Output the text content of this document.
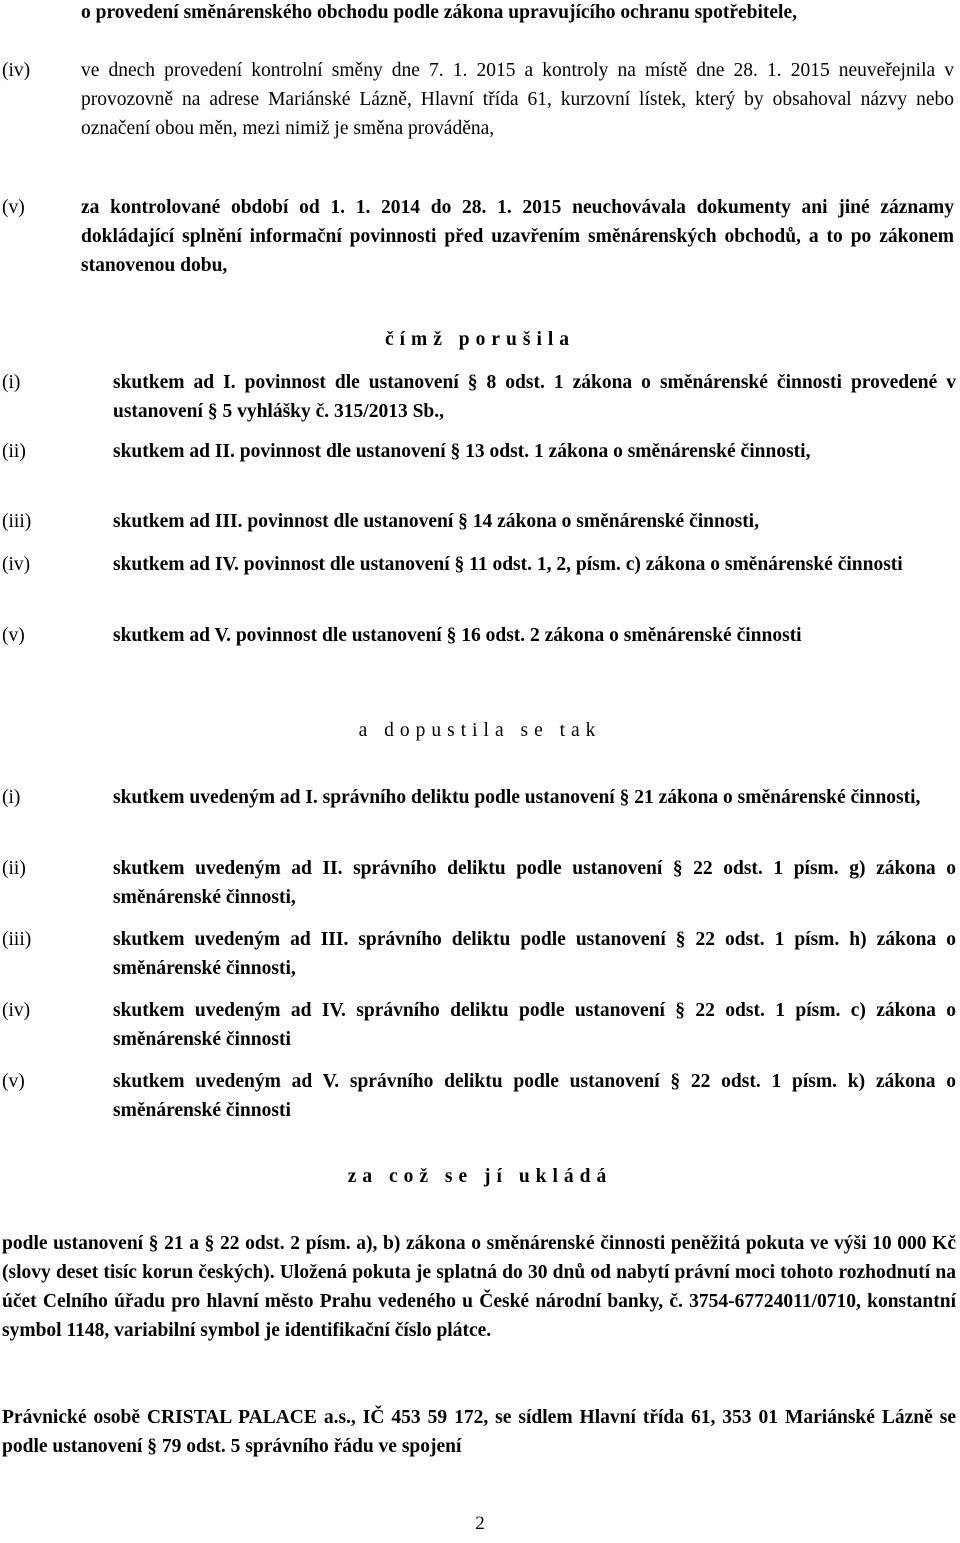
o provedení směnárenského obchodu podle zákona upravujícího ochranu spotřebitele,
(iv)	ve dnech provedení kontrolní směny dne 7. 1. 2015 a kontroly na místě dne 28. 1. 2015 neuveřejnila v provozovně na adrese Mariánské Lázně, Hlavní třída 61, kurzovní lístek, který by obsahoval názvy nebo označení obou měn, mezi nimiž je směna prováděna,
(v)	za kontrolované období od 1. 1. 2014 do 28. 1. 2015 neuchovávala dokumenty ani jiné záznamy dokládající splnění informační povinnosti před uzavřením směnárenských obchodů, a to po zákonem stanovenou dobu,
čímž porušila
(i)	skutkem ad I. povinnost dle ustanovení § 8 odst. 1 zákona o směnárenské činnosti provedené v ustanovení § 5 vyhlášky č. 315/2013 Sb.,
(ii)	skutkem ad II. povinnost dle ustanovení § 13 odst. 1 zákona o směnárenské činnosti,
(iii)	skutkem ad III. povinnost dle ustanovení § 14 zákona o směnárenské činnosti,
(iv)	skutkem ad IV. povinnost dle ustanovení § 11 odst. 1, 2, písm. c) zákona o směnárenské činnosti
(v)	skutkem ad V. povinnost dle ustanovení § 16 odst. 2 zákona o směnárenské činnosti
a dopustila se tak
(i)	skutkem uvedeným ad I. správního deliktu podle ustanovení § 21 zákona o směnárenské činnosti,
(ii)	skutkem uvedeným ad II. správního deliktu podle ustanovení § 22 odst. 1 písm. g) zákona o směnárenské činnosti,
(iii)	skutkem uvedeným ad III. správního deliktu podle ustanovení § 22 odst. 1 písm. h) zákona o směnárenské činnosti,
(iv)	skutkem uvedeným ad IV. správního deliktu podle ustanovení § 22 odst. 1 písm. c) zákona o směnárenské činnosti
(v)	skutkem uvedeným ad V. správního deliktu podle ustanovení § 22 odst. 1 písm. k) zákona o směnárenské činnosti
za což se jí ukládá
podle ustanovení § 21 a § 22 odst. 2 písm. a), b) zákona o směnárenské činnosti peněžitá pokuta ve výši 10 000 Kč (slovy deset tisíc korun českých). Uložená pokuta je splatná do 30 dnů od nabytí právní moci tohoto rozhodnutí na účet Celního úřadu pro hlavní město Prahu vedeného u České národní banky, č. 3754-67724011/0710, konstantní symbol 1148, variabilní symbol je identifikační číslo plátce.
Právnické osobě CRISTAL PALACE a.s., IČ 453 59 172, se sídlem Hlavní třída 61, 353 01 Mariánské Lázně se podle ustanovení § 79 odst. 5 správního řádu ve spojení
2
